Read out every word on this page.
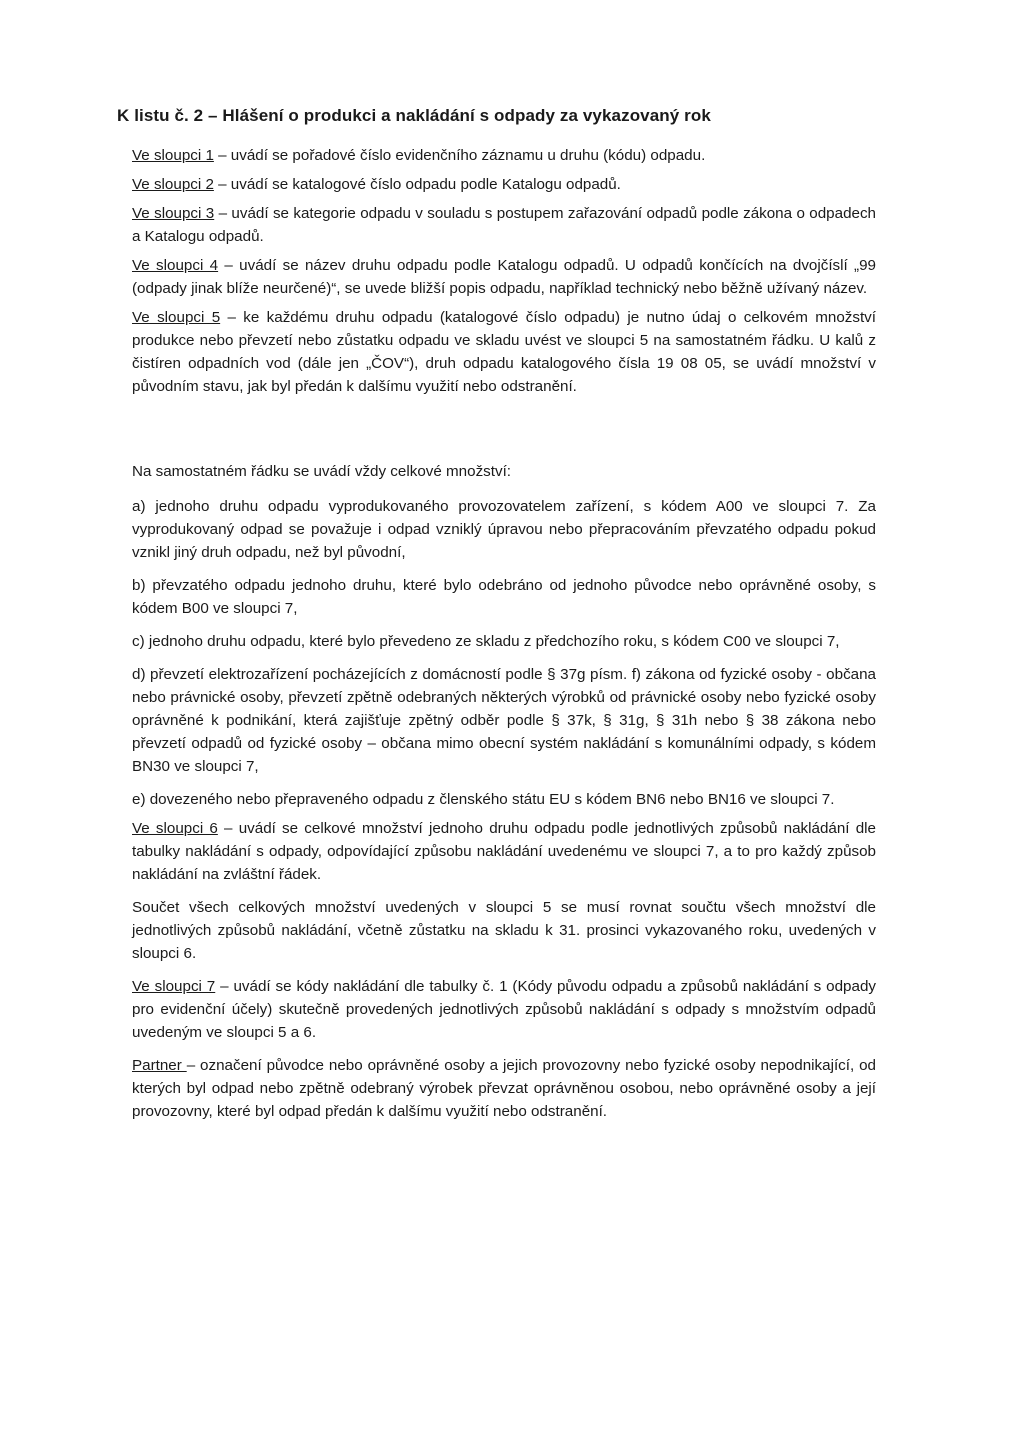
K listu č. 2 – Hlášení o produkci a nakládání s odpady za vykazovaný rok
Ve sloupci 1 – uvádí se pořadové číslo evidenčního záznamu u druhu (kódu) odpadu.
Ve sloupci 2 – uvádí se katalogové číslo odpadu podle Katalogu odpadů.
Ve sloupci 3 – uvádí se kategorie odpadu v souladu s postupem zařazování odpadů podle zákona o odpadech a Katalogu odpadů.
Ve sloupci 4 – uvádí se název druhu odpadu podle Katalogu odpadů. U odpadů končících na dvojčíslí „99 (odpady jinak blíže neurčené)“, se uvede bližší popis odpadu, například technický nebo běžně užívaný název.
Ve sloupci 5 – ke každému druhu odpadu (katalogové číslo odpadu) je nutno údaj o celkovém množství produkce nebo převzetí nebo zůstatku odpadu ve skladu uvést ve sloupci 5 na samostatném řádku. U kalů z čistíren odpadních vod (dále jen „ČOV“), druh odpadu katalogového čísla 19 08 05, se uvádí množství v původním stavu, jak byl předán k dalšímu využití nebo odstranění.
Na samostatném řádku se uvádí vždy celkové množství:
a) jednoho druhu odpadu vyprodukovaného provozovatelem zařízení, s kódem A00 ve sloupci 7. Za vyprodukovaný odpad se považuje i odpad vzniklý úpravou nebo přepracováním převzatého odpadu pokud vznikl jiný druh odpadu, než byl původní,
b) převzatého odpadu jednoho druhu, které bylo odebráno od jednoho původce nebo oprávněné osoby, s kódem B00 ve sloupci 7,
c) jednoho druhu odpadu, které bylo převedeno ze skladu z předchozího roku, s kódem C00 ve sloupci 7,
d) převzetí elektrozařízení pocházejících z domácností podle § 37g písm. f) zákona od fyzické osoby - občana nebo právnické osoby, převzetí zpětně odebraných některých výrobků od právnické osoby nebo fyzické osoby oprávněné k podnikání, která zajišťuje zpětný odběr podle § 37k, § 31g, § 31h nebo § 38 zákona nebo převzetí odpadů od fyzické osoby – občana mimo obecní systém nakládání s komunálními odpady, s kódem BN30 ve sloupci 7,
e) dovezeného nebo přepraveného odpadu z členského státu EU s kódem BN6 nebo BN16 ve sloupci 7.
Ve sloupci 6 – uvádí se celkové množství jednoho druhu odpadu podle jednotlivých způsobů nakládání dle tabulky nakládání s odpady, odpovídající způsobu nakládání uvedenému ve sloupci 7, a to pro každý způsob nakládání na zvláštní řádek.
Součet všech celkových množství uvedených v sloupci 5 se musí rovnat součtu všech množství dle jednotlivých způsobů nakládání, včetně zůstatku na skladu k 31. prosinci vykazovaného roku, uvedených v sloupci 6.
Ve sloupci 7 – uvádí se kódy nakládání dle tabulky č. 1 (Kódy původu odpadu a způsobů nakládání s odpady pro evidenční účely) skutečně provedených jednotlivých způsobů nakládání s odpady s množstvím odpadů uvedeným ve sloupci 5 a 6.
Partner – označení původce nebo oprávněné osoby a jejich provozovny nebo fyzické osoby nepodnikající, od kterých byl odpad nebo zpětně odebraný výrobek převzat oprávněnou osobou, nebo oprávněné osoby a její provozovny, které byl odpad předán k dalšímu využití nebo odstranění.
